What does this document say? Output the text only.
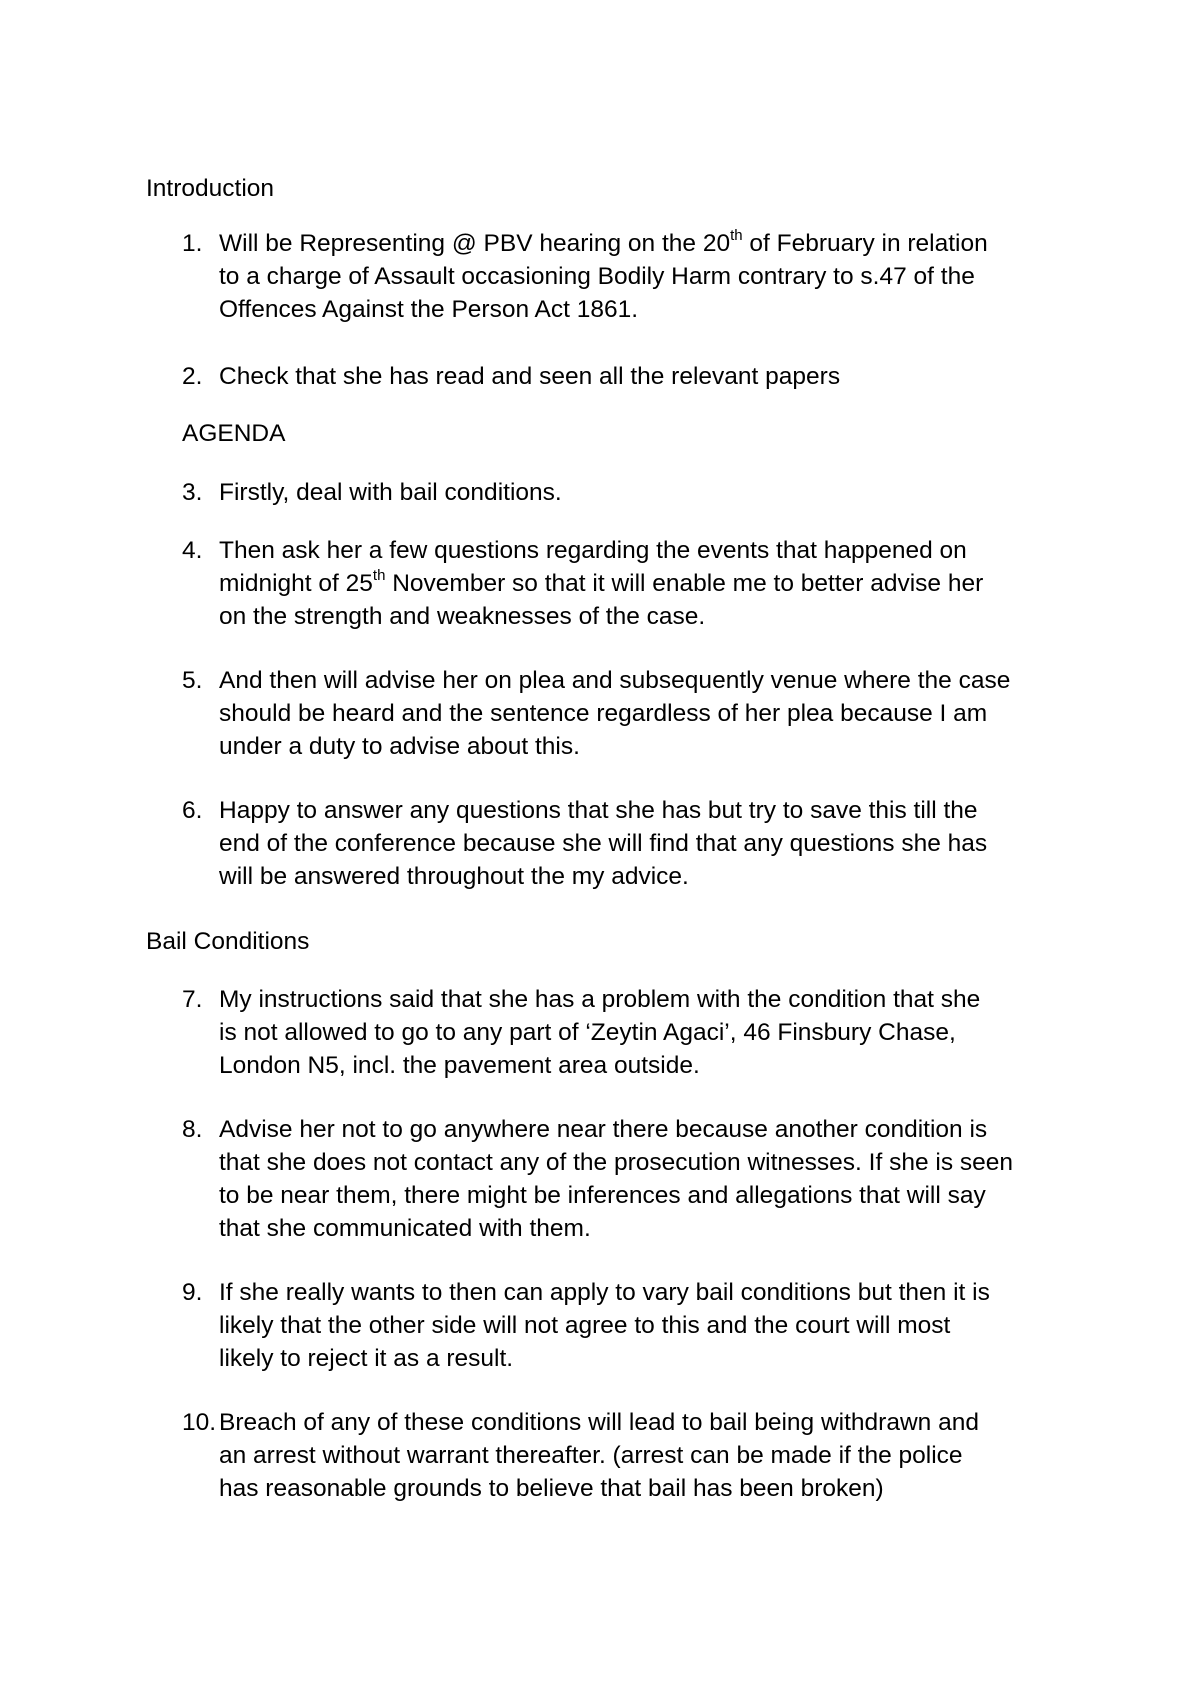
Introduction
1. Will be Representing @ PBV hearing on the 20th of February in relation
to a charge of Assault occasioning Bodily Harm contrary to s.47 of the
Offences Against the Person Act 1861.
2. Check that she has read and seen all the relevant papers
AGENDA
3. Firstly, deal with bail conditions.
4. Then ask her a few questions regarding the events that happened on
midnight of 25th November so that it will enable me to better advise her
on the strength and weaknesses of the case.
5. And then will advise her on plea and subsequently venue where the case
should be heard and the sentence regardless of her plea because I am
under a duty to advise about this.
6. Happy to answer any questions that she has but try to save this till the
end of the conference because she will find that any questions she has
will be answered throughout the my advice.
Bail Conditions
7. My instructions said that she has a problem with the condition that she
is not allowed to go to any part of ‘Zeytin Agaci’, 46 Finsbury Chase,
London N5, incl. the pavement area outside.
8. Advise her not to go anywhere near there because another condition is
that she does not contact any of the prosecution witnesses. If she is seen
to be near them, there might be inferences and allegations that will say
that she communicated with them.
9. If she really wants to then can apply to vary bail conditions but then it is
likely that the other side will not agree to this and the court will most
likely to reject it as a result.
10. Breach of any of these conditions will lead to bail being withdrawn and
an arrest without warrant thereafter. (arrest can be made if the police
has reasonable grounds to believe that bail has been broken)
